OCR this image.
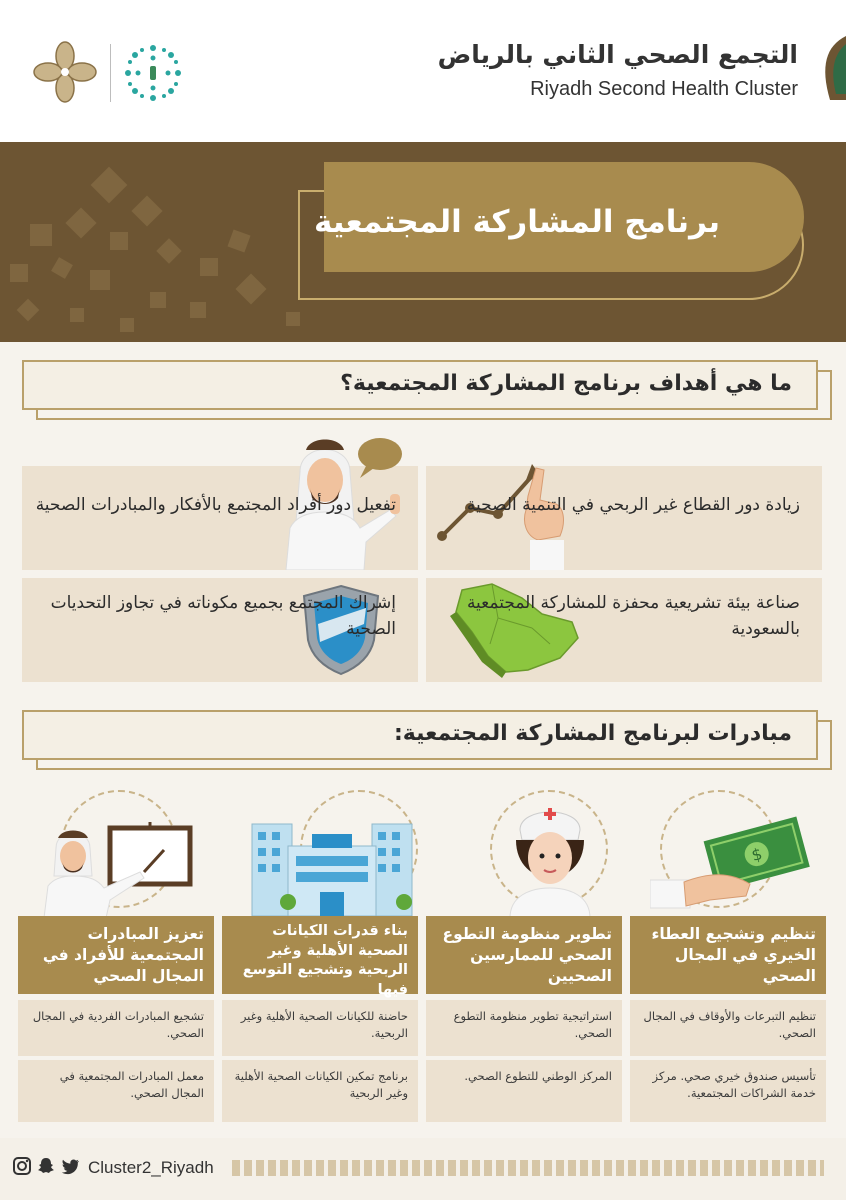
التجمع الصحي الثاني بالرياض
Riyadh Second Health Cluster
برنامج المشاركة المجتمعية
ما هي أهداف برنامج المشاركة المجتمعية؟
زيادة دور القطاع غير الربحي في التنمية الصحية
تفعيل دور أفراد المجتمع بالأفكار والمبادرات الصحية
صناعة بيئة تشريعية محفزة للمشاركة المجتمعية بالسعودية
إشراك المجتمع بجميع مكوناته في تجاوز التحديات الصحية
مبادرات لبرنامج المشاركة المجتمعية:
$
تنظيم وتشجيع العطاء الخيري في المجال الصحي
تنظيم التبرعات والأوقاف في المجال الصحي.
تأسيس صندوق خيري صحي. مركز خدمة الشراكات المجتمعية.
تطوير منظومة التطوع الصحي للممارسين الصحيين
استراتيجية تطوير منظومة التطوع الصحي.
المركز الوطني للتطوع الصحي.
بناء قدرات الكيانات الصحية الأهلية وغير الربحية وتشجيع التوسع فيها
حاضنة للكيانات الصحية الأهلية وغير الربحية.
برنامج تمكين الكيانات الصحية الأهلية وغير الربحية
تعزيز المبادرات المجتمعية للأفراد في المجال الصحي
تشجيع المبادرات الفردية في المجال الصحي.
معمل المبادرات المجتمعية في المجال الصحي.
Cluster2_Riyadh
